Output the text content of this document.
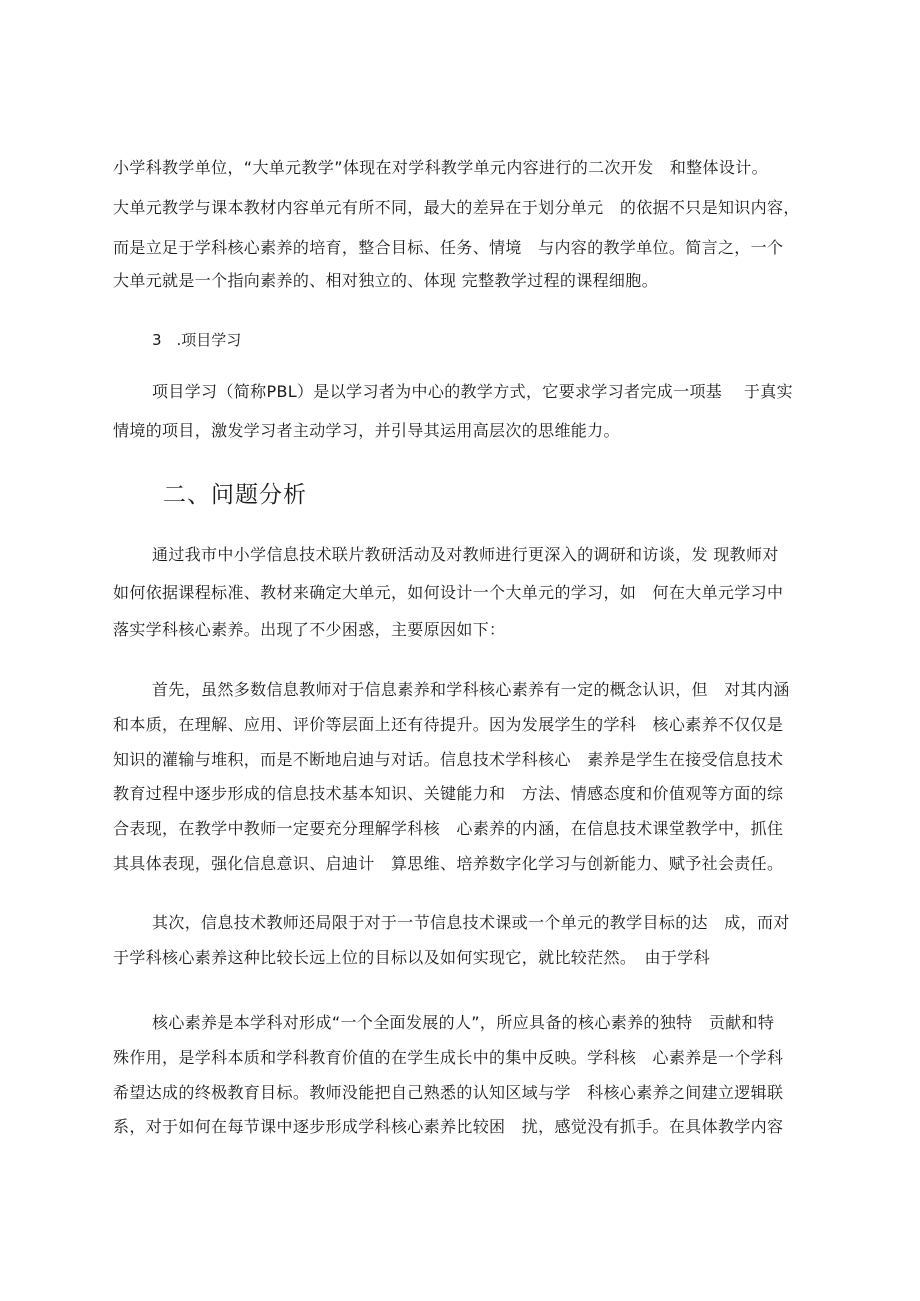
小学科教学单位，“大单元教学”体现在对学科教学单元内容进行的二次开发　和整体设计。
大单元教学与课本教材内容单元有所不同，最大的差异在于划分单元　的依据不只是知识内容，
而是立足于学科核心素养的培育，整合目标、任务、情境　与内容的教学单位。简言之，一个
大单元就是一个指向素养的、相对独立的、体现 完整教学过程的课程细胞。
3　.项目学习
项目学习（简称PBL）是以学习者为中心的教学方式，它要求学习者完成一项基　 于真实
情境的项目，激发学习者主动学习，并引导其运用高层次的思维能力。
二、问题分析
通过我市中小学信息技术联片教研活动及对教师进行更深入的调研和访谈，发 现教师对
如何依据课程标准、教材来确定大单元，如何设计一个大单元的学习，如　何在大单元学习中
落实学科核心素养。出现了不少困惑，主要原因如下：
首先，虽然多数信息教师对于信息素养和学科核心素养有一定的概念认识，但　对其内涵
和本质，在理解、应用、评价等层面上还有待提升。因为发展学生的学科　核心素养不仅仅是
知识的灌输与堆积，而是不断地启迪与对话。信息技术学科核心　素养是学生在接受信息技术
教育过程中逐步形成的信息技术基本知识、关键能力和　方法、情感态度和价值观等方面的综
合表现，在教学中教师一定要充分理解学科核　心素养的内涵，在信息技术课堂教学中，抓住
其具体表现，强化信息意识、启迪计　算思维、培养数字化学习与创新能力、赋予社会责任。
其次，信息技术教师还局限于对于一节信息技术课或一个单元的教学目标的达　成，而对
于学科核心素养这种比较长远上位的目标以及如何实现它，就比较茫然。　由于学科
核心素养是本学科对形成“一个全面发展的人”，所应具备的核心素养的独特　贡献和特
殊作用，是学科本质和学科教育价值的在学生成长中的集中反映。学科核　心素养是一个学科
希望达成的终极教育目标。教师没能把自己熟悉的认知区域与学　科核心素养之间建立逻辑联
系，对于如何在每节课中逐步形成学科核心素养比较困　扰，感觉没有抓手。在具体教学内容
